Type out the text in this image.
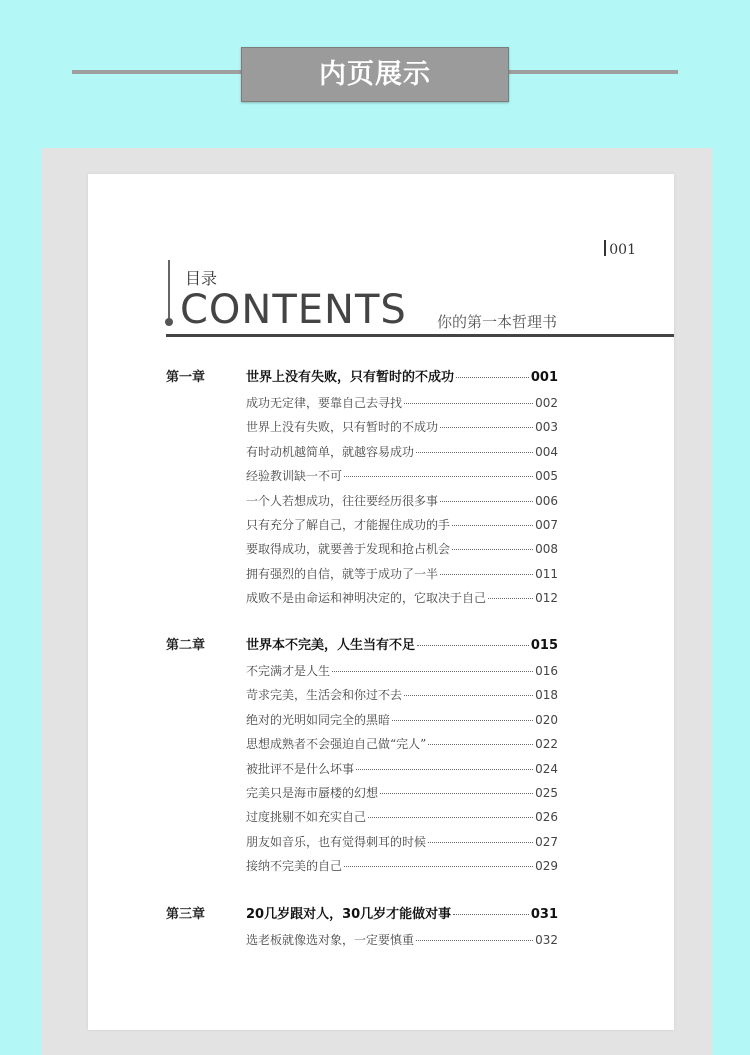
内页展示
001
目录
CONTENTS 你的第一本哲理书
第一章	世界上没有失败，只有暂时的不成功	001
成功无定律，要靠自己去寻找	002
世界上没有失败，只有暂时的不成功	003
有时动机越简单，就越容易成功	004
经验教训缺一不可	005
一个人若想成功，往往要经历很多事	006
只有充分了解自己，才能握住成功的手	007
要取得成功，就要善于发现和抢占机会	008
拥有强烈的自信，就等于成功了一半	011
成败不是由命运和神明决定的，它取决于自己	012
第二章	世界本不完美，人生当有不足	015
不完满才是人生	016
苛求完美，生活会和你过不去	018
绝对的光明如同完全的黑暗	020
思想成熟者不会强迫自己做“完人”	022
被批评不是什么坏事	024
完美只是海市蜃楼的幻想	025
过度挑剔不如充实自己	026
朋友如音乐，也有觉得刺耳的时候	027
接纳不完美的自己	029
第三章	20几岁跟对人，30几岁才能做对事	031
选老板就像选对象，一定要慎重	032
